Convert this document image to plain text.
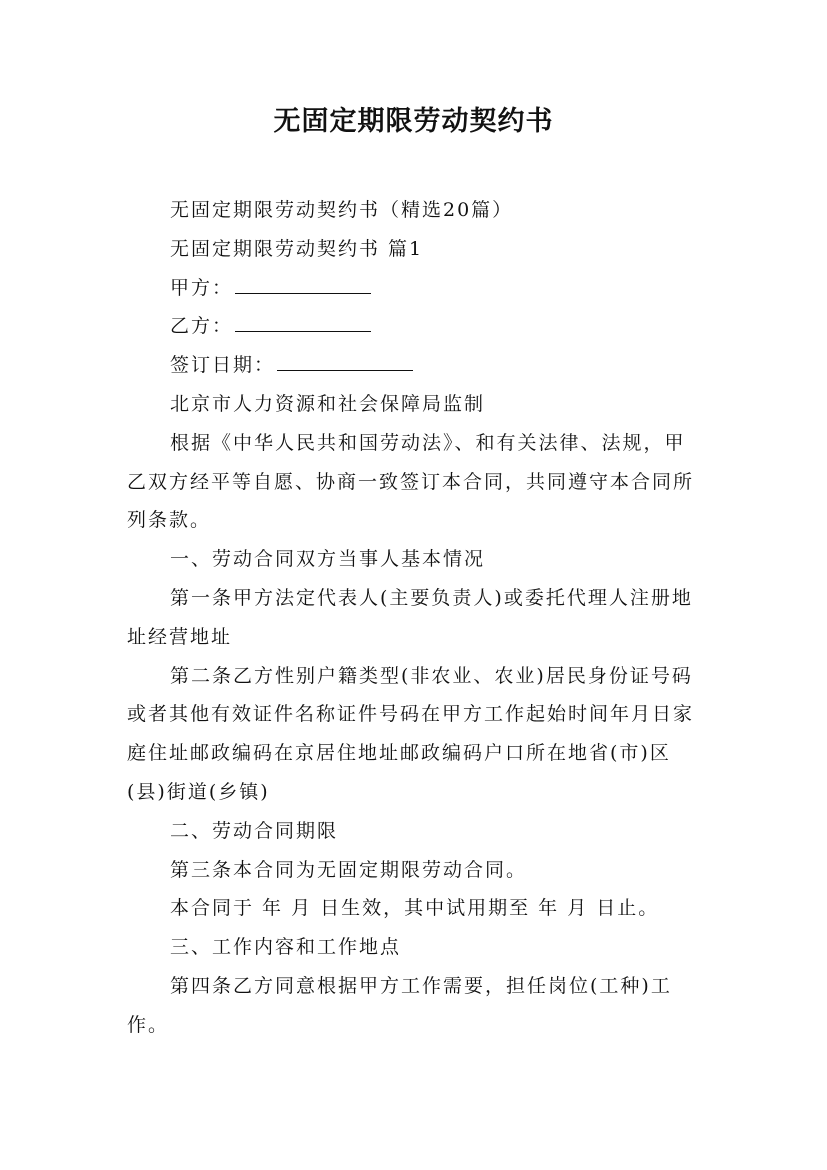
无固定期限劳动契约书

无固定期限劳动契约书（精选20篇）

无固定期限劳动契约书 篇1

甲方：

乙方：

签订日期：

北京市人力资源和社会保障局监制

根据《中华人民共和国劳动法》、和有关法律、法规，甲乙双方经平等自愿、协商一致签订本合同，共同遵守本合同所列条款。

一、劳动合同双方当事人基本情况

第一条甲方法定代表人(主要负责人)或委托代理人注册地址经营地址

第二条乙方性别户籍类型(非农业、农业)居民身份证号码或者其他有效证件名称证件号码在甲方工作起始时间年月日家庭住址邮政编码在京居住地址邮政编码户口所在地省(市)区(县)街道(乡镇)

二、劳动合同期限

第三条本合同为无固定期限劳动合同。

本合同于 年 月 日生效，其中试用期至 年 月 日止。

三、工作内容和工作地点

第四条乙方同意根据甲方工作需要，担任岗位(工种)工作。
